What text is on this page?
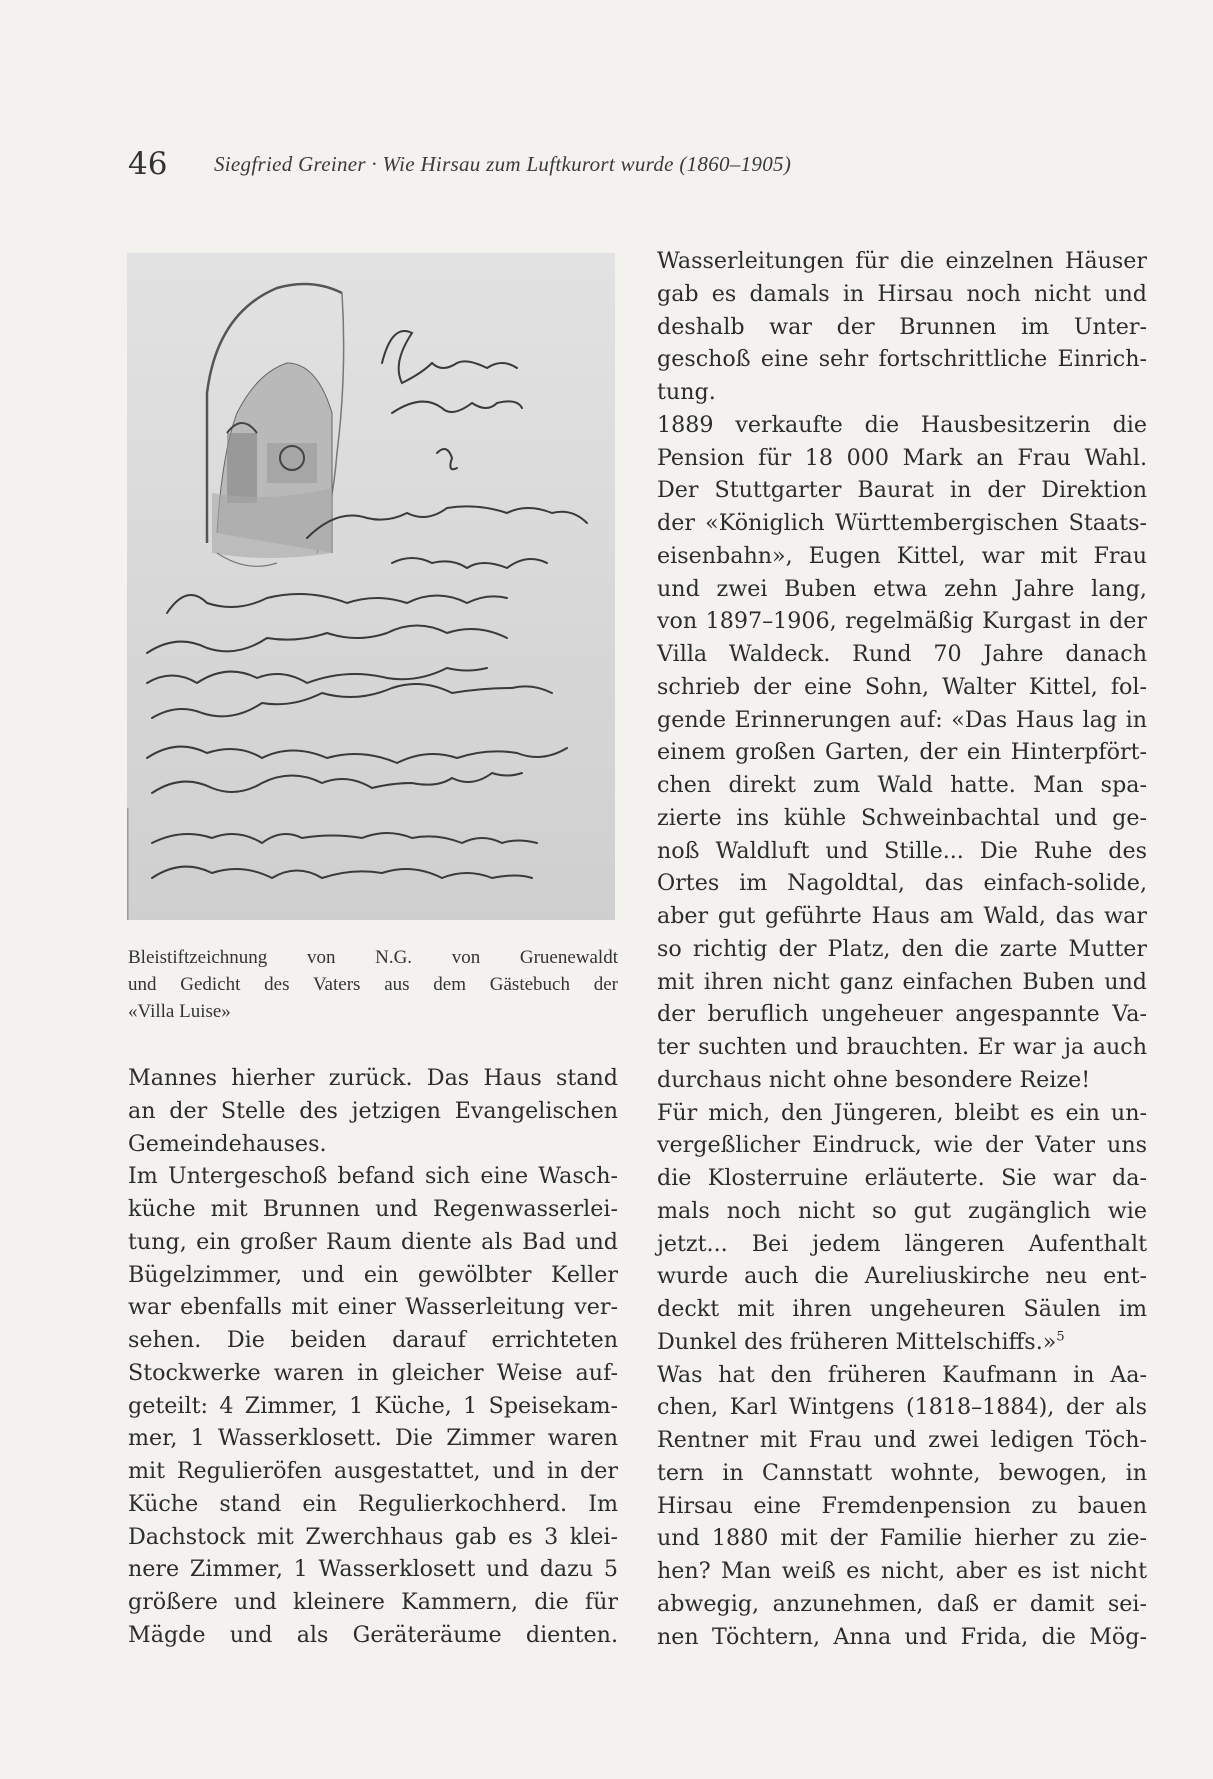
46 Siegfried Greiner · Wie Hirsau zum Luftkurort wurde (1860–1905)
Bleistiftzeichnung von N.G. von Gruenewaldt
und Gedicht des Vaters aus dem Gästebuch der
«Villa Luise»
Mannes hierher zurück. Das Haus stand
an der Stelle des jetzigen Evangelischen
Gemeindehauses.
Im Untergeschoß befand sich eine Wasch-
küche mit Brunnen und Regenwasserlei-
tung, ein großer Raum diente als Bad und
Bügelzimmer, und ein gewölbter Keller
war ebenfalls mit einer Wasserleitung ver-
sehen. Die beiden darauf errichteten
Stockwerke waren in gleicher Weise auf-
geteilt: 4 Zimmer, 1 Küche, 1 Speisekam-
mer, 1 Wasserklosett. Die Zimmer waren
mit Regulieröfen ausgestattet, und in der
Küche stand ein Regulierkochherd. Im
Dachstock mit Zwerchhaus gab es 3 klei-
nere Zimmer, 1 Wasserklosett und dazu 5
größere und kleinere Kammern, die für
Mägde und als Geräteräume dienten.
Wasserleitungen für die einzelnen Häuser
gab es damals in Hirsau noch nicht und
deshalb war der Brunnen im Unter-
geschoß eine sehr fortschrittliche Einrich-
tung.
1889 verkaufte die Hausbesitzerin die
Pension für 18 000 Mark an Frau Wahl.
Der Stuttgarter Baurat in der Direktion
der «Königlich Württembergischen Staats-
eisenbahn», Eugen Kittel, war mit Frau
und zwei Buben etwa zehn Jahre lang,
von 1897–1906, regelmäßig Kurgast in der
Villa Waldeck. Rund 70 Jahre danach
schrieb der eine Sohn, Walter Kittel, fol-
gende Erinnerungen auf: «Das Haus lag in
einem großen Garten, der ein Hinterpfört-
chen direkt zum Wald hatte. Man spa-
zierte ins kühle Schweinbachtal und ge-
noß Waldluft und Stille... Die Ruhe des
Ortes im Nagoldtal, das einfach-solide,
aber gut geführte Haus am Wald, das war
so richtig der Platz, den die zarte Mutter
mit ihren nicht ganz einfachen Buben und
der beruflich ungeheuer angespannte Va-
ter suchten und brauchten. Er war ja auch
durchaus nicht ohne besondere Reize!
Für mich, den Jüngeren, bleibt es ein un-
vergeßlicher Eindruck, wie der Vater uns
die Klosterruine erläuterte. Sie war da-
mals noch nicht so gut zugänglich wie
jetzt... Bei jedem längeren Aufenthalt
wurde auch die Aureliuskirche neu ent-
deckt mit ihren ungeheuren Säulen im
Dunkel des früheren Mittelschiffs.»$^5$
Was hat den früheren Kaufmann in Aa-
chen, Karl Wintgens (1818–1884), der als
Rentner mit Frau und zwei ledigen Töch-
tern in Cannstatt wohnte, bewogen, in
Hirsau eine Fremdenpension zu bauen
und 1880 mit der Familie hierher zu zie-
hen? Man weiß es nicht, aber es ist nicht
abwegig, anzunehmen, daß er damit sei-
nen Töchtern, Anna und Frida, die Mög-
